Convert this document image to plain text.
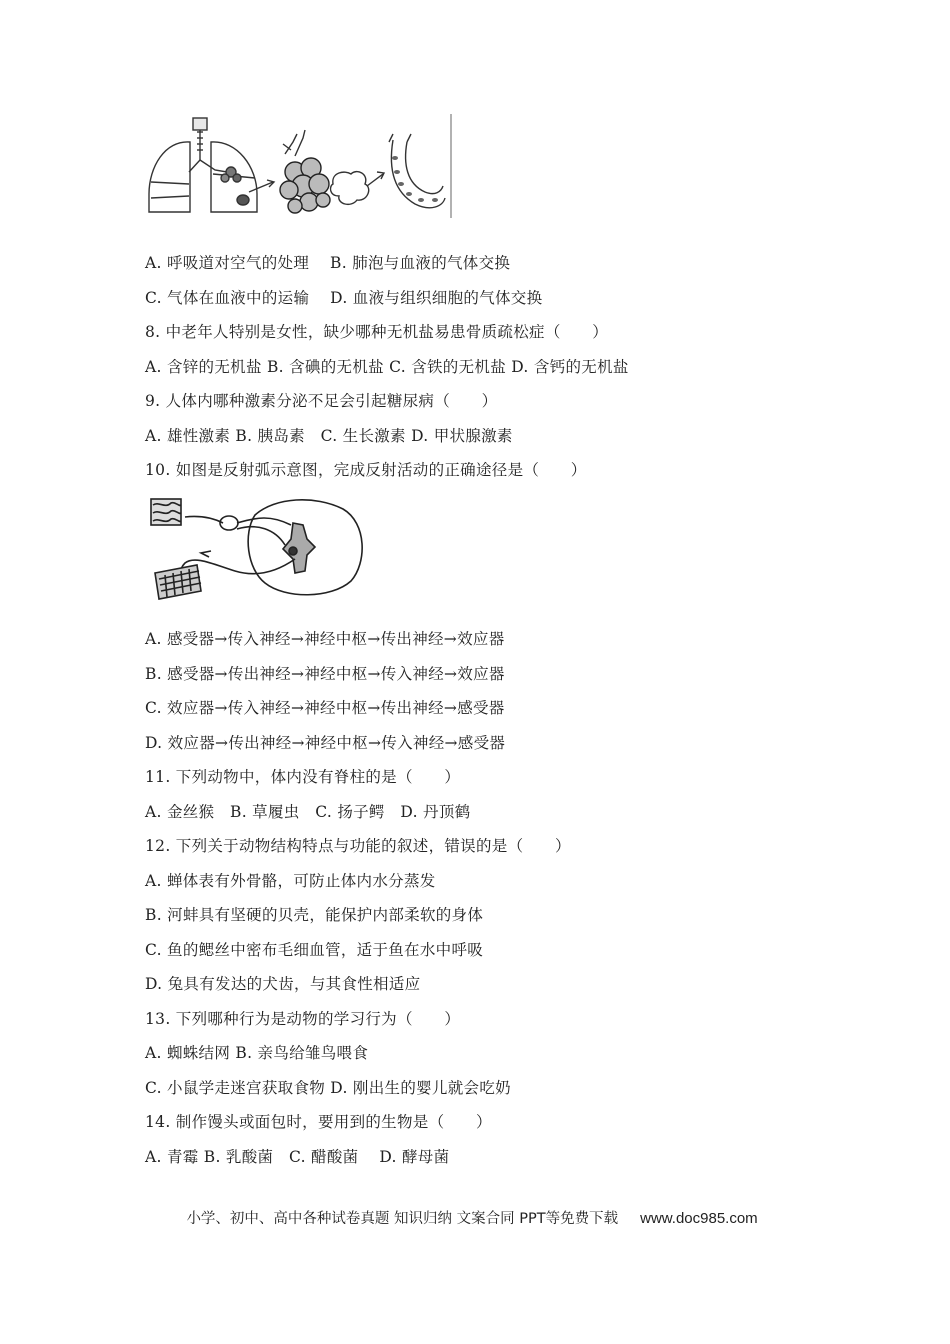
A. 呼吸道对空气的处理    B. 肺泡与血液的气体交换
C. 气体在血液中的运输    D. 血液与组织细胞的气体交换
8. 中老年人特别是女性，缺少哪种无机盐易患骨质疏松症（　　）
A. 含锌的无机盐 B. 含碘的无机盐 C. 含铁的无机盐 D. 含钙的无机盐
9. 人体内哪种激素分泌不足会引起糖尿病（　　）
A. 雄性激素 B. 胰岛素   C. 生长激素 D. 甲状腺激素
10. 如图是反射弧示意图，完成反射活动的正确途径是（　　）
A. 感受器→传入神经→神经中枢→传出神经→效应器
B. 感受器→传出神经→神经中枢→传入神经→效应器
C. 效应器→传入神经→神经中枢→传出神经→感受器
D. 效应器→传出神经→神经中枢→传入神经→感受器
11. 下列动物中，体内没有脊柱的是（　　）
A. 金丝猴   B. 草履虫   C. 扬子鳄   D. 丹顶鹤
12. 下列关于动物结构特点与功能的叙述，错误的是（　　）
A. 蝉体表有外骨骼，可防止体内水分蒸发
B. 河蚌具有坚硬的贝壳，能保护内部柔软的身体
C. 鱼的鳃丝中密布毛细血管，适于鱼在水中呼吸
D. 兔具有发达的犬齿，与其食性相适应
13. 下列哪种行为是动物的学习行为（　　）
A. 蜘蛛结网 B. 亲鸟给雏鸟喂食
C. 小鼠学走迷宫获取食物 D. 刚出生的婴儿就会吃奶
14. 制作馒头或面包时，要用到的生物是（　　）
A. 青霉 B. 乳酸菌   C. 醋酸菌    D. 酵母菌

小学、初中、高中各种试卷真题 知识归纳 文案合同 PPT等免费下载 www.doc985.com
